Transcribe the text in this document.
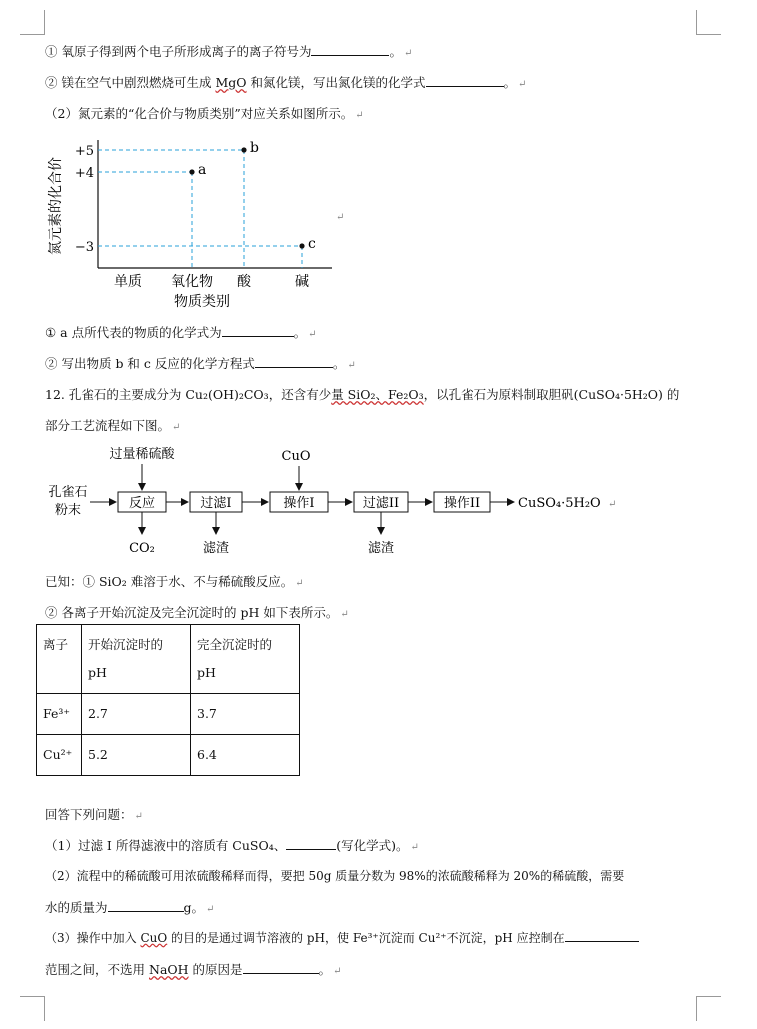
① 氧原子得到两个电子所形成离子的离子符号为	。 ↵
② 镁在空气中剧烈燃烧可生成 MgO 和氮化镁，写出氮化镁的化学式	。 ↵
（2）氮元素的“化合价与物质类别”对应关系如图所示。 ↵
氮元素的化合价
+5
+4
−3
单质 氧化物 酸	碱
a
b
c
物质类别
↵
① a 点所代表的物质的化学式为	。 ↵
② 写出物质 b 和 c 反应的化学方程式	。 ↵
12. 孔雀石的主要成分为 Cu₂(OH)₂CO₃，还含有少量 SiO₂、Fe₂O₃，以孔雀石为原料制取胆矾(CuSO₄·5H₂O) 的
部分工艺流程如下图。 ↵
孔雀石
粉末	反应
过量稀硫酸
CO₂
过滤I
滤渣
操作I
CuO
过滤II
滤渣
操作II	CuSO₄·5H₂O ↵
已知：① SiO₂ 难溶于水、不与稀硫酸反应。 ↵
② 各离子开始沉淀及完全沉淀时的 pH 如下表所示。 ↵
离子	开始沉淀时的 pH	完全沉淀时的 pH
Fe³⁺	2.7	3.7
Cu²⁺	5.2	6.4
回答下列问题： ↵
（1）过滤 I 所得滤液中的溶质有 CuSO₄、	(写化学式)。 ↵
（2）流程中的稀硫酸可用浓硫酸稀释而得，要把 50g 质量分数为 98%的浓硫酸稀释为 20%的稀硫酸，需要
水的质量为	g。 ↵
（3）操作中加入 CuO 的目的是通过调节溶液的 pH，使 Fe³⁺沉淀而 Cu²⁺不沉淀，pH 应控制在
范围之间，不选用 NaOH 的原因是	。 ↵
